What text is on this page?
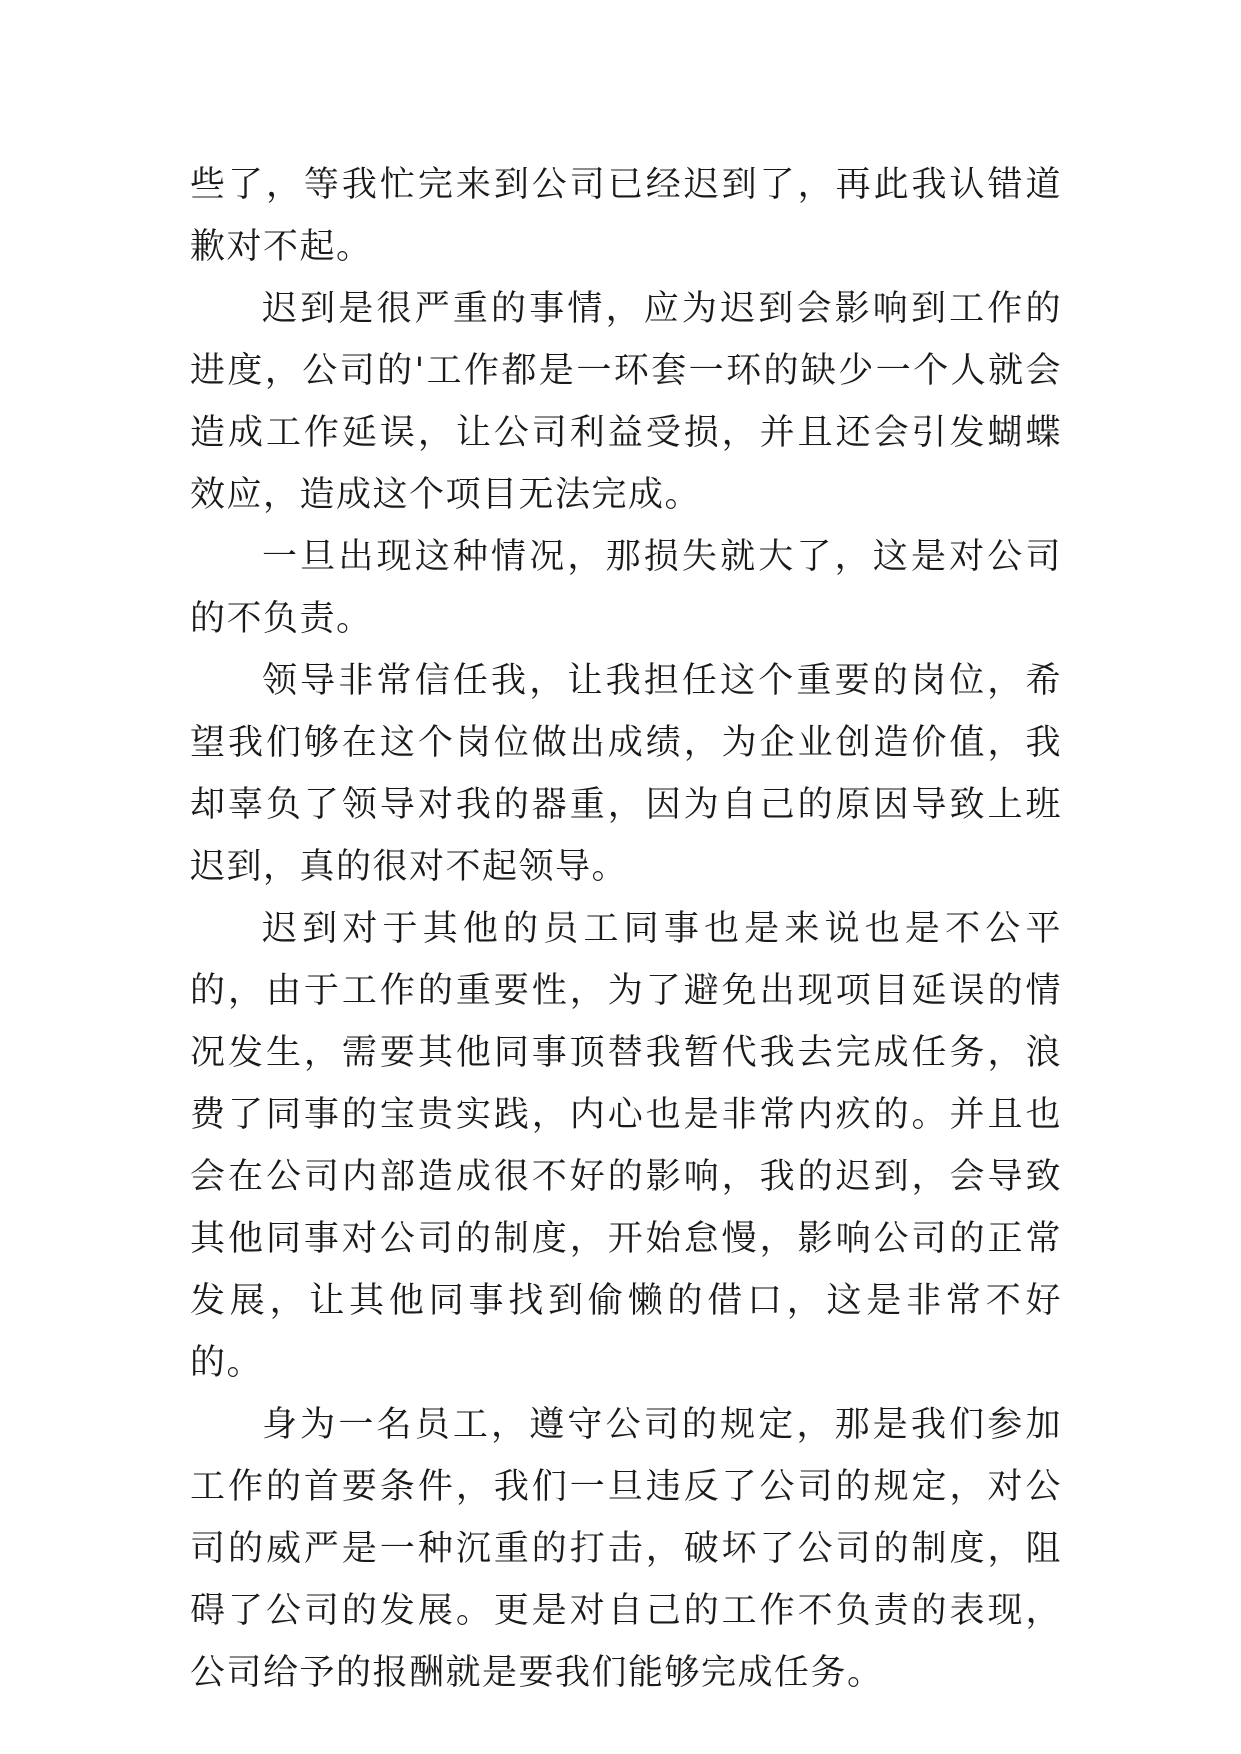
些了，等我忙完来到公司已经迟到了，再此我认错道歉对不起。

迟到是很严重的事情，应为迟到会影响到工作的进度，公司的'工作都是一环套一环的缺少一个人就会造成工作延误，让公司利益受损，并且还会引发蝴蝶效应，造成这个项目无法完成。

一旦出现这种情况，那损失就大了，这是对公司的不负责。

领导非常信任我，让我担任这个重要的岗位，希望我们够在这个岗位做出成绩，为企业创造价值，我却辜负了领导对我的器重，因为自己的原因导致上班迟到，真的很对不起领导。

迟到对于其他的员工同事也是来说也是不公平的，由于工作的重要性，为了避免出现项目延误的情况发生，需要其他同事顶替我暂代我去完成任务，浪费了同事的宝贵实践，内心也是非常内疚的。并且也会在公司内部造成很不好的影响，我的迟到，会导致其他同事对公司的制度，开始怠慢，影响公司的正常发展，让其他同事找到偷懒的借口，这是非常不好的。

身为一名员工，遵守公司的规定，那是我们参加工作的首要条件，我们一旦违反了公司的规定，对公司的威严是一种沉重的打击，破坏了公司的制度，阻碍了公司的发展。更是对自己的工作不负责的表现，公司给予的报酬就是要我们能够完成任务。
